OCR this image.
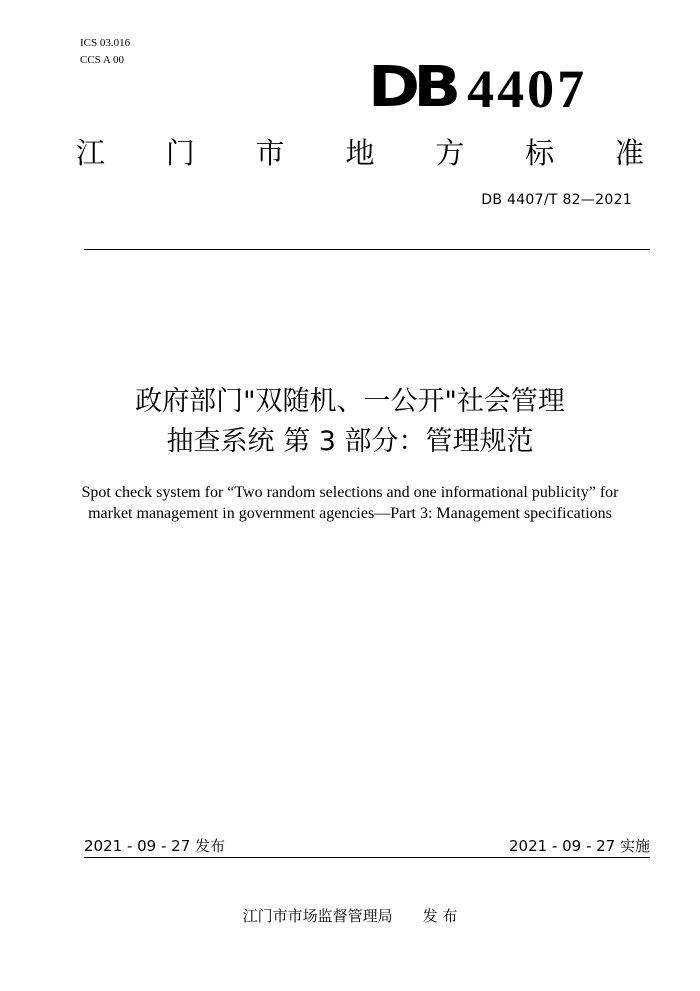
ICS 03.016
CCS A 00	DB 4407
江 门 市 地 方 标 准
DB 4407/T 82—2021
政府部门"双随机、一公开"社会管理
抽查系统 第 3 部分：管理规范
Spot check system for “Two random selections and one informational publicity” for
market management in government agencies—Part 3: Management specifications
2021 - 09 - 27 发布	2021 - 09 - 27 实施
江门市市场监督管理局 发 布
